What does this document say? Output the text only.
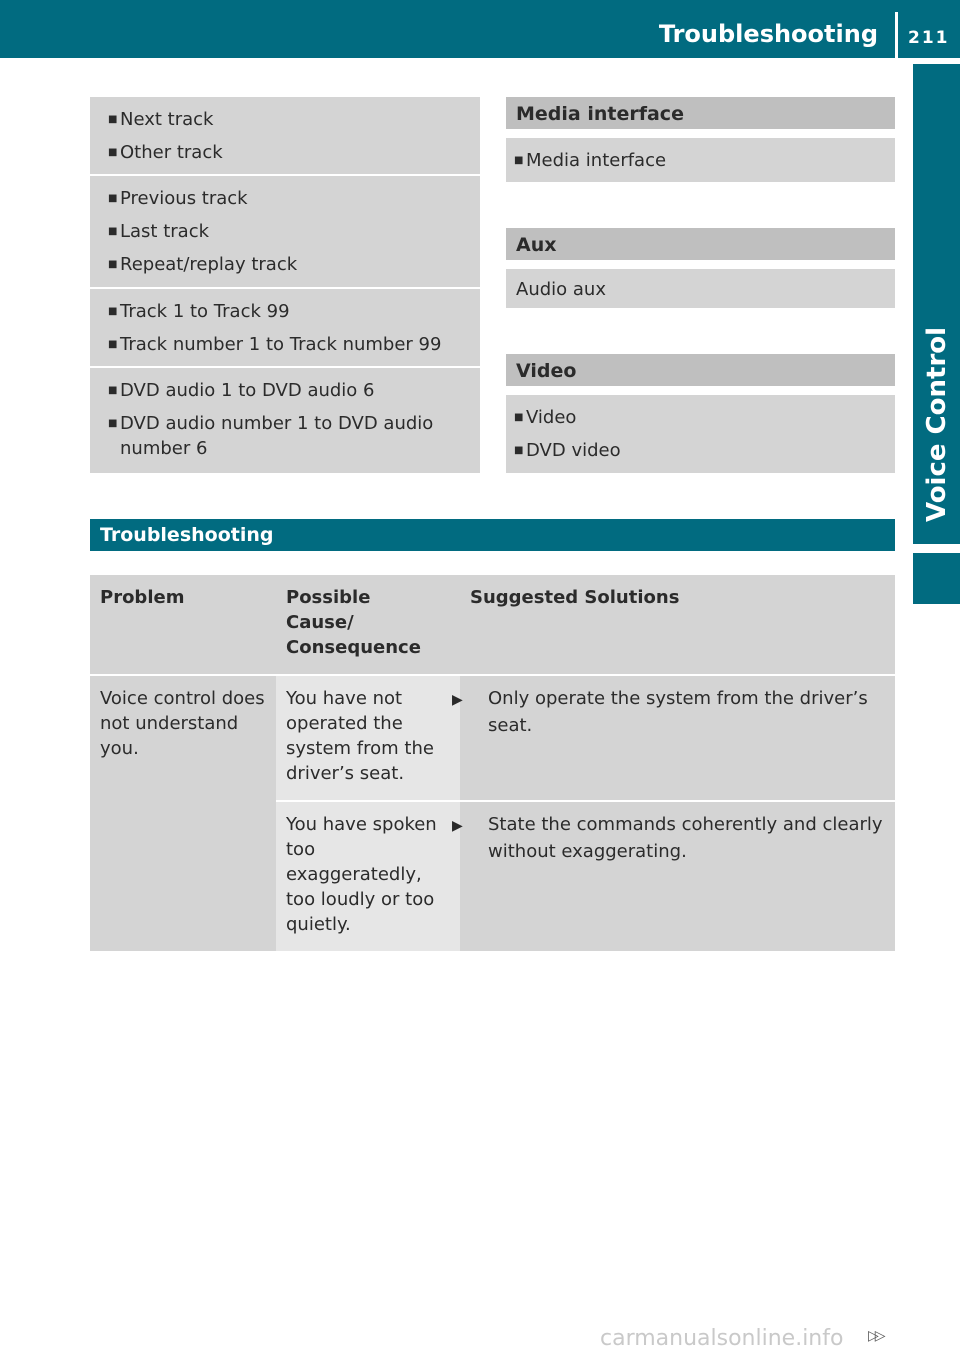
Troubleshooting 211
Voice Control
■ Next track
■ Other track
■ Previous track
■ Last track
■ Repeat/replay track
■ Track 1 to Track 99
■ Track number 1 to Track number 99
■ DVD audio 1 to DVD audio 6
■ DVD audio number 1 to DVD audio number 6
Media interface
■ Media interface
Aux
Audio aux
Video
■ Video
■ DVD video
Troubleshooting
Problem	Possible Cause/ Consequence	Suggested Solutions
Voice control does not understand you.	You have not operated the system from the driver’s seat.	▶ Only operate the system from the driver’s seat.

	You have spoken too exaggeratedly, too loudly or too quietly.	▶ State the commands coherently and clearly without exaggerating.
▷▷
carmanualsonline.info
